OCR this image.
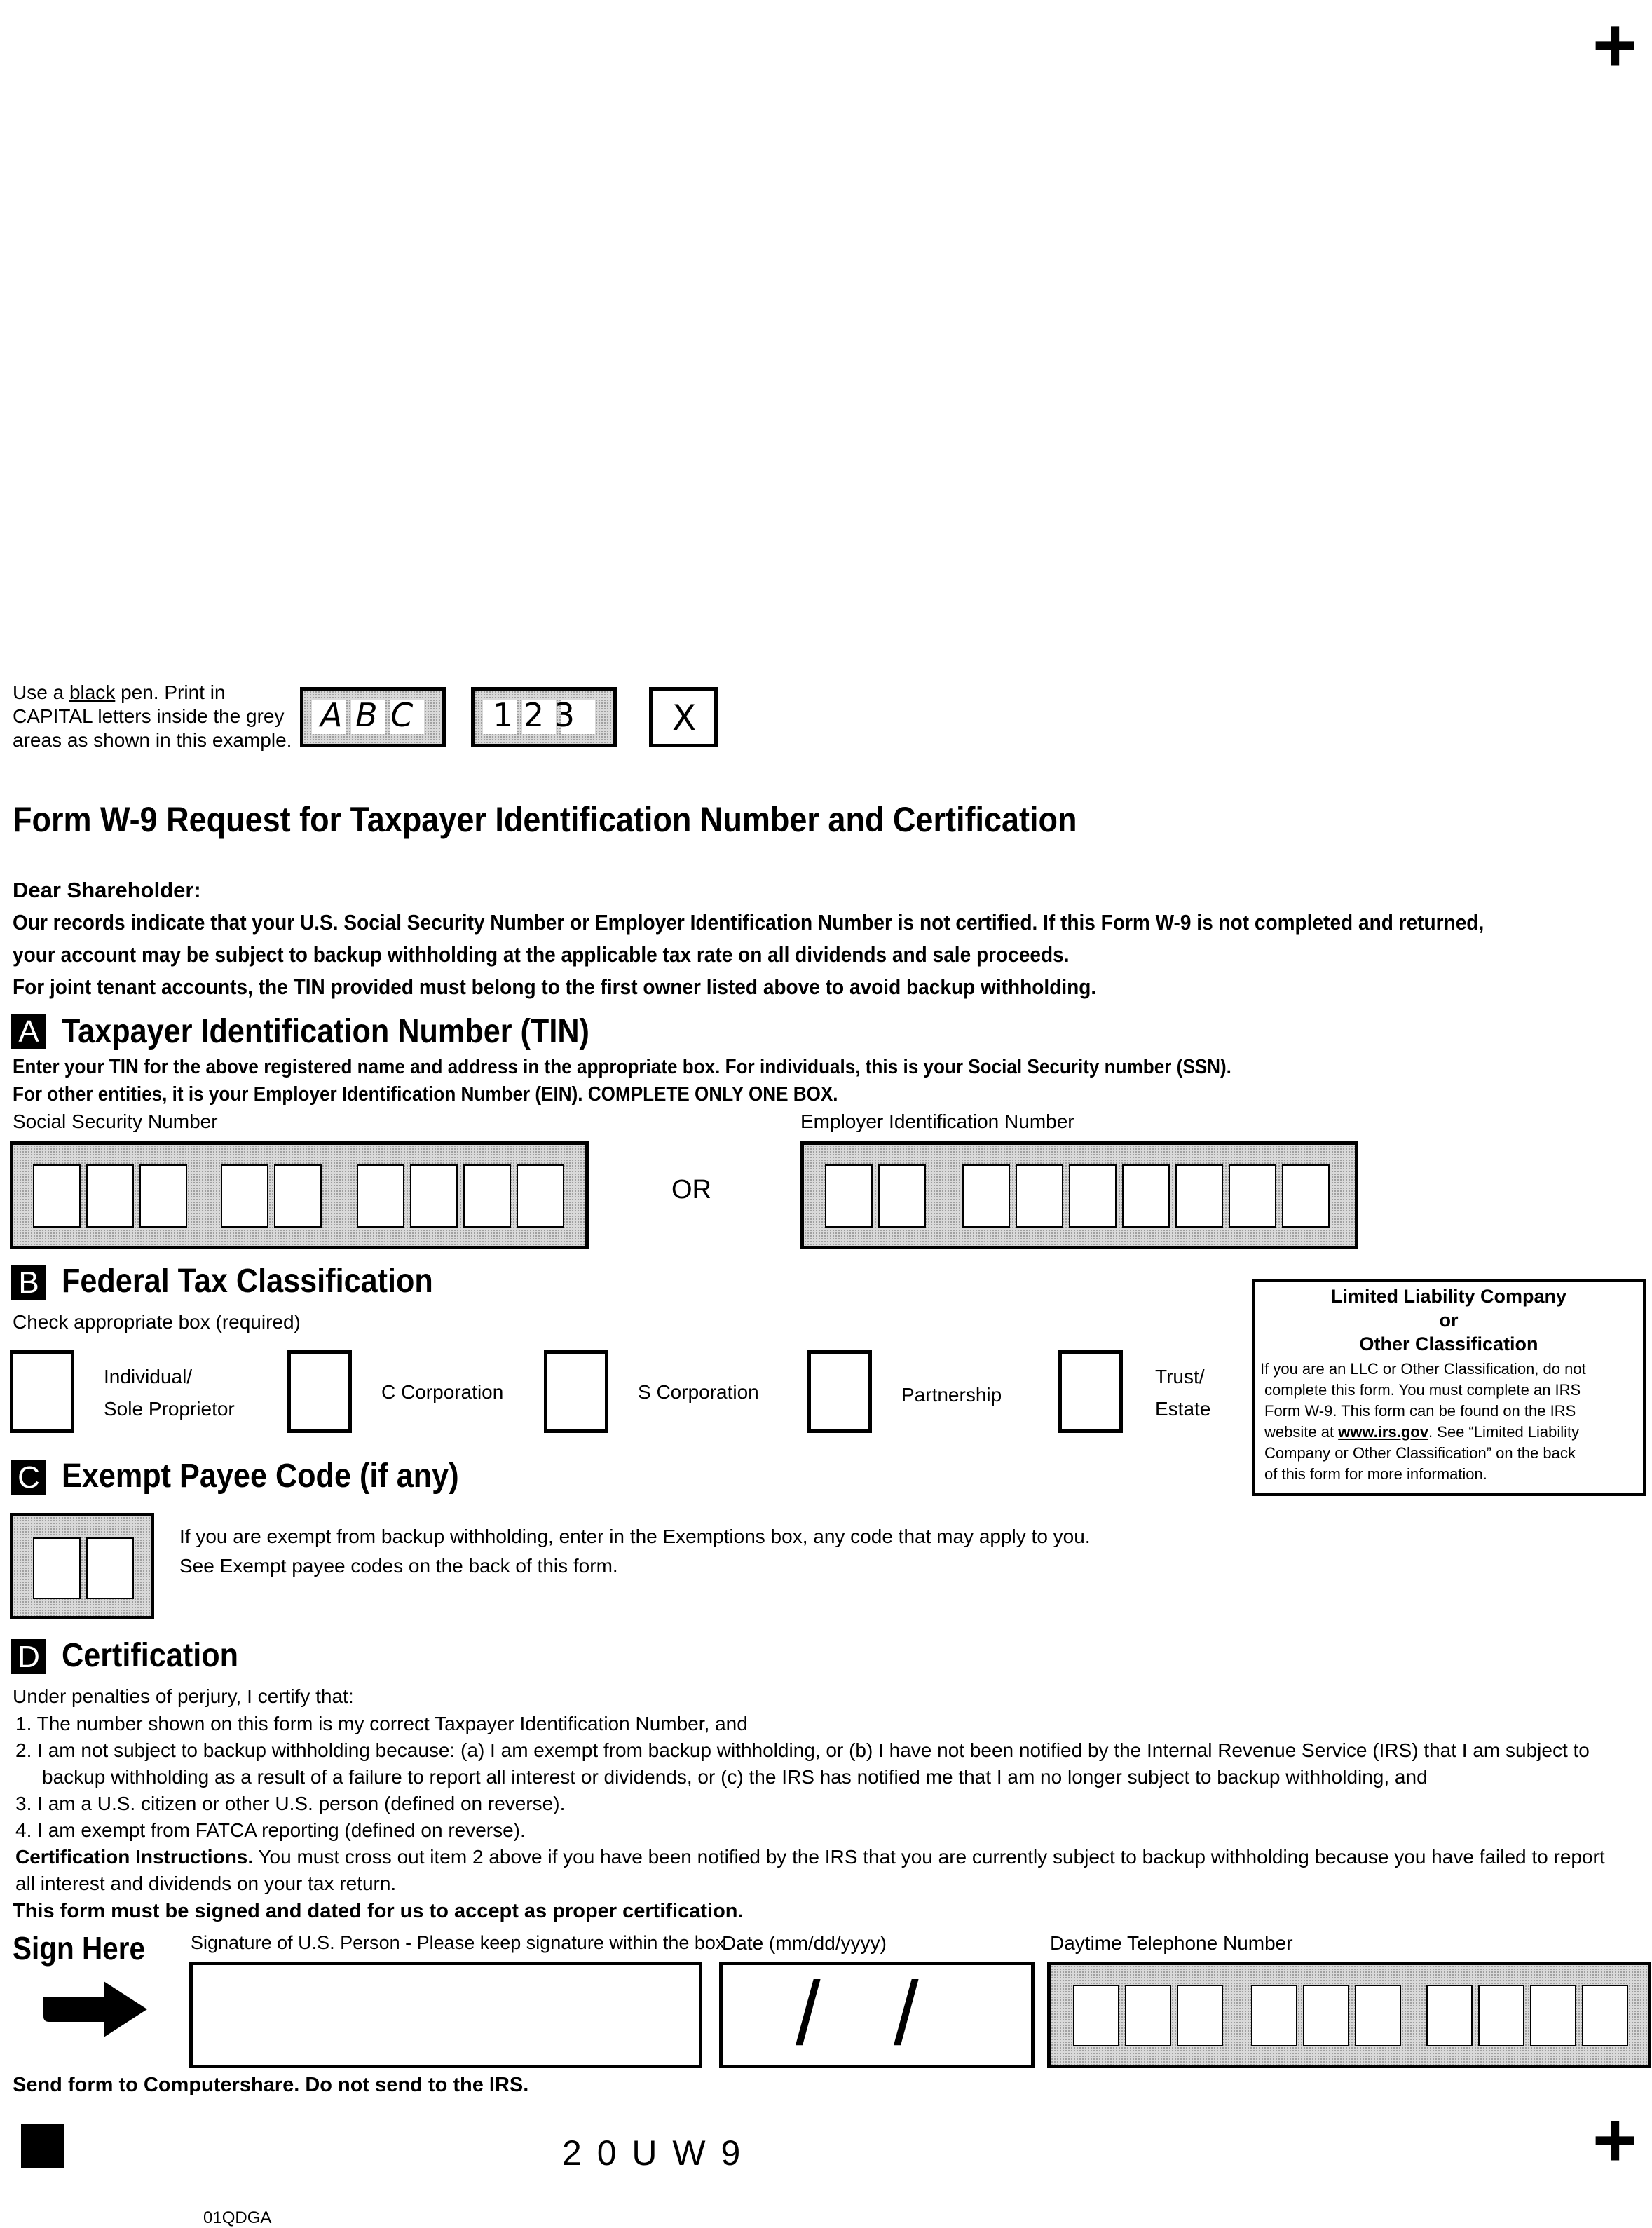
+
+
Use a black pen. Print in
CAPITAL letters inside the grey
areas as shown in this example.
A B C 1 2 3	X
Form W-9 Request for Taxpayer Identification Number and Certification
Dear Shareholder:
Our records indicate that your U.S. Social Security Number or Employer Identification Number is not certified. If this Form W-9 is not completed and returned,
your account may be subject to backup withholding at the applicable tax rate on all dividends and sale proceeds.
For joint tenant accounts, the TIN provided must belong to the first owner listed above to avoid backup withholding.
A Taxpayer Identification Number (TIN)
Enter your TIN for the above registered name and address in the appropriate box. For individuals, this is your Social Security number (SSN).
For other entities, it is your Employer Identification Number (EIN). COMPLETE ONLY ONE BOX.
Social Security Number	Employer Identification Number
OR
B Federal Tax Classification
Check appropriate box (required)
Individual/
Sole Proprietor
C Corporation	S Corporation	Partnership
Trust/
Estate
Limited Liability Company
or
Other Classification
If you are an LLC or Other Classification, do not
complete this form. You must complete an IRS
Form W-9. This form can be found on the IRS
website at www.irs.gov. See “Limited Liability
Company or Other Classification” on the back
of this form for more information.
C Exempt Payee Code (if any)
If you are exempt from backup withholding, enter in the Exemptions box, any code that may apply to you.
See Exempt payee codes on the back of this form.
D Certification
Under penalties of perjury, I certify that:
1. The number shown on this form is my correct Taxpayer Identification Number, and
2. I am not subject to backup withholding because: (a) I am exempt from backup withholding, or (b) I have not been notified by the Internal Revenue Service (IRS) that I am subject to
backup withholding as a result of a failure to report all interest or dividends, or (c) the IRS has notified me that I am no longer subject to backup withholding, and
3. I am a U.S. citizen or other U.S. person (defined on reverse).
4. I am exempt from FATCA reporting (defined on reverse).
Certification Instructions. You must cross out item 2 above if you have been notified by the IRS that you are currently subject to backup withholding because you have failed to report
all interest and dividends on your tax return.
This form must be signed and dated for us to accept as proper certification.
Sign Here Signature of U.S. Person - Please keep signature within the box
Date (mm/dd/yyyy)
/ /
Daytime Telephone Number
Send form to Computershare. Do not send to the IRS.
2 0 U W 9
01QDGA
